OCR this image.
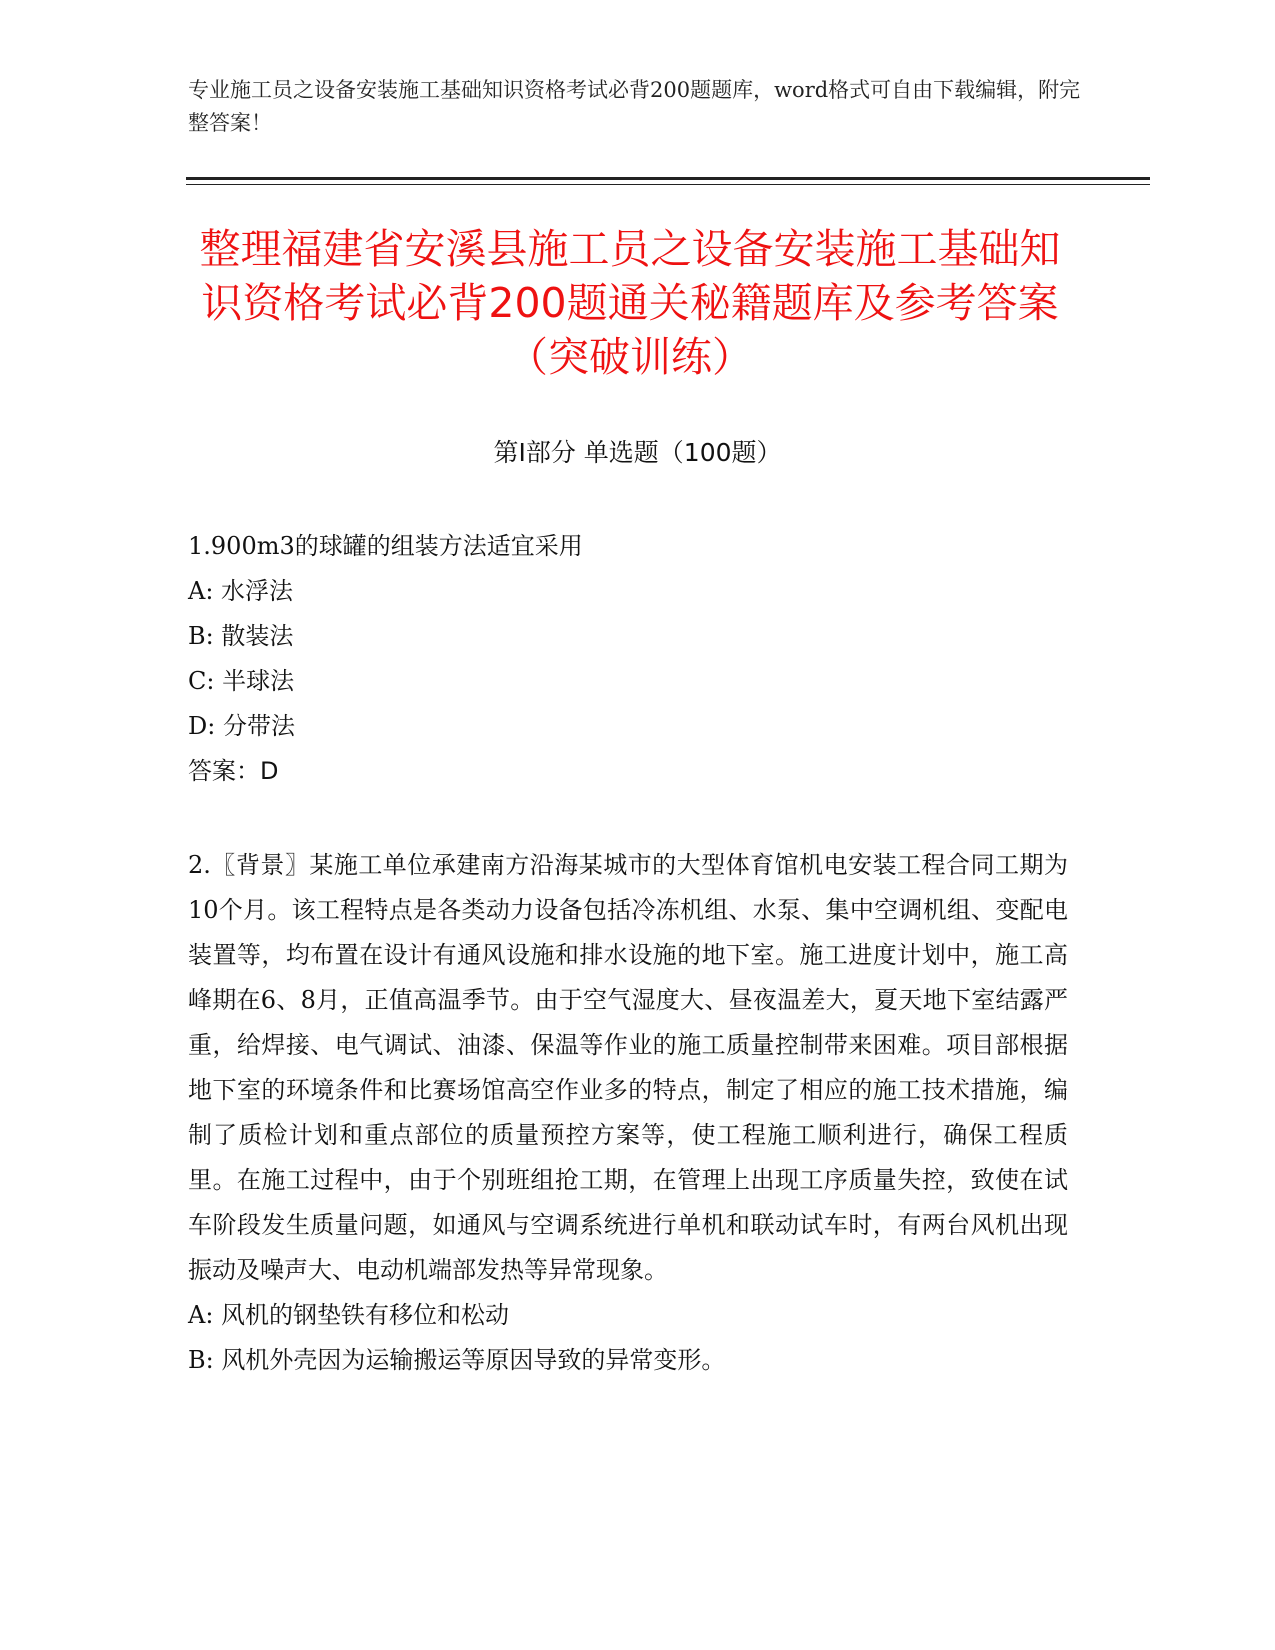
专业施工员之设备安装施工基础知识资格考试必背200题题库，word格式可自由下载编辑，附完整答案！
整理福建省安溪县施工员之设备安装施工基础知识资格考试必背200题通关秘籍题库及参考答案（突破训练）
第I部分 单选题（100题）
1.900m3的球罐的组装方法适宜采用
A: 水浮法
B: 散装法
C: 半球法
D: 分带法
答案：D
2.〖背景〗某施工单位承建南方沿海某城市的大型体育馆机电安装工程合同工期为10个月。该工程特点是各类动力设备包括冷冻机组、水泵、集中空调机组、变配电装置等，均布置在设计有通风设施和排水设施的地下室。施工进度计划中，施工高峰期在6、8月，正值高温季节。由于空气湿度大、昼夜温差大，夏天地下室结露严重，给焊接、电气调试、油漆、保温等作业的施工质量控制带来困难。项目部根据地下室的环境条件和比赛场馆高空作业多的特点，制定了相应的施工技术措施，编制了质检计划和重点部位的质量预控方案等，使工程施工顺利进行，确保工程质里。在施工过程中，由于个别班组抢工期，在管理上出现工序质量失控，致使在试车阶段发生质量问题，如通风与空调系统进行单机和联动试车时，有两台风机出现振动及噪声大、电动机端部发热等异常现象。
A: 风机的钢垫铁有移位和松动
B: 风机外壳因为运输搬运等原因导致的异常变形。
